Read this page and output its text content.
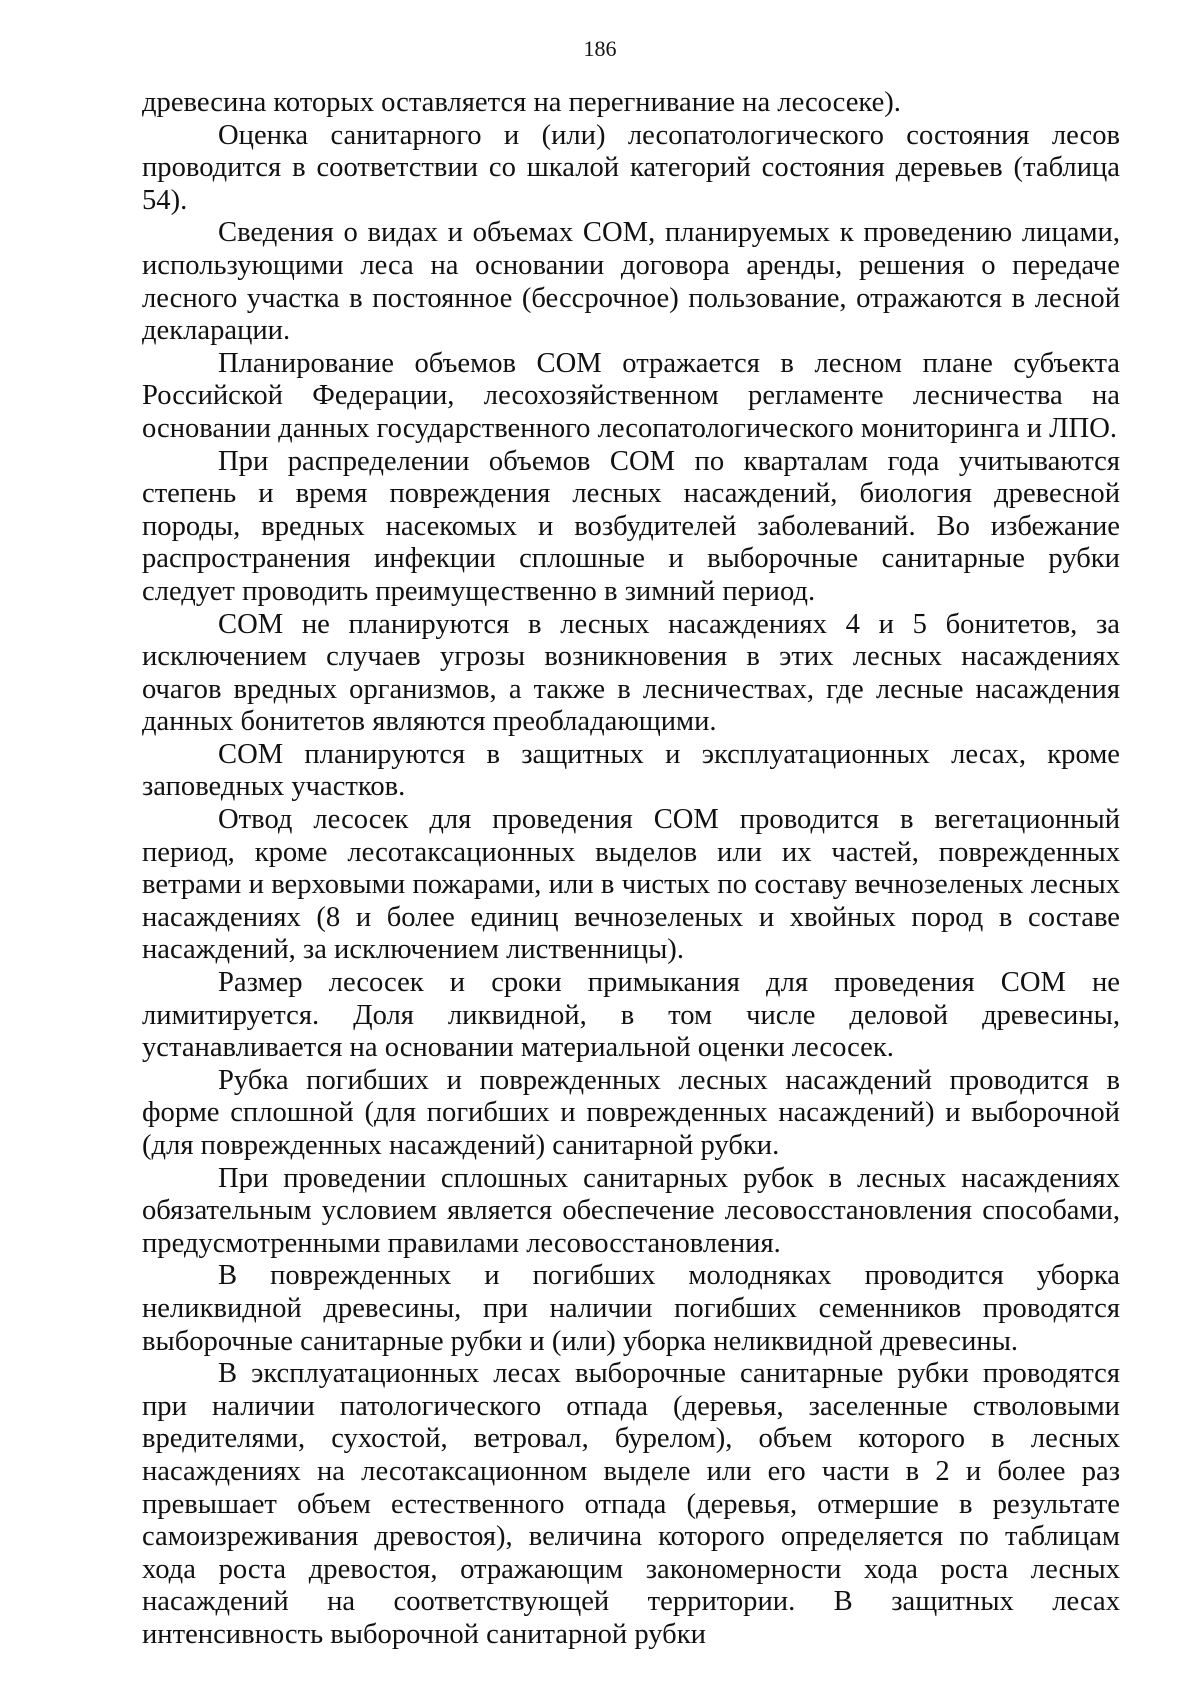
186

древесина которых оставляется на перегнивание на лесосеке).

Оценка санитарного и (или) лесопатологического состояния лесов проводится в соответствии со шкалой категорий состояния деревьев (таблица 54).

Сведения о видах и объемах СОМ, планируемых к проведению лицами, использующими леса на основании договора аренды, решения о передаче лесного участка в постоянное (бессрочное) пользование, отражаются в лесной декларации.

Планирование объемов СОМ отражается в лесном плане субъекта Российской Федерации, лесохозяйственном регламенте лесничества на основании данных государственного лесопатологического мониторинга и ЛПО.

При распределении объемов СОМ по кварталам года учитываются степень и время повреждения лесных насаждений, биология древесной породы, вредных насекомых и возбудителей заболеваний. Во избежание распространения инфекции сплошные и выборочные санитарные рубки следует проводить преимущественно в зимний период.

СОМ не планируются в лесных насаждениях 4 и 5 бонитетов, за исключением случаев угрозы возникновения в этих лесных насаждениях очагов вредных организмов, а также в лесничествах, где лесные насаждения данных бонитетов являются преобладающими.

СОМ планируются в защитных и эксплуатационных лесах, кроме заповедных участков.

Отвод лесосек для проведения СОМ проводится в вегетационный период, кроме лесотаксационных выделов или их частей, поврежденных ветрами и верховыми пожарами, или в чистых по составу вечнозеленых лесных насаждениях (8 и более единиц вечнозеленых и хвойных пород в составе насаждений, за исключением лиственницы).

Размер лесосек и сроки примыкания для проведения СОМ не лимитируется. Доля ликвидной, в том числе деловой древесины, устанавливается на основании материальной оценки лесосек.

Рубка погибших и поврежденных лесных насаждений проводится в форме сплошной (для погибших и поврежденных насаждений) и выборочной (для поврежденных насаждений) санитарной рубки.

При проведении сплошных санитарных рубок в лесных насаждениях обязательным условием является обеспечение лесовосстановления способами, предусмотренными правилами лесовосстановления.

В поврежденных и погибших молодняках проводится уборка неликвидной древесины, при наличии погибших семенников проводятся выборочные санитарные рубки и (или) уборка неликвидной древесины.

В эксплуатационных лесах выборочные санитарные рубки проводятся при наличии патологического отпада (деревья, заселенные стволовыми вредителями, сухостой, ветровал, бурелом), объем которого в лесных насаждениях на лесотаксационном выделе или его части в 2 и более раз превышает объем естественного отпада (деревья, отмершие в результате самоизреживания древостоя), величина которого определяется по таблицам хода роста древостоя, отражающим закономерности хода роста лесных насаждений на соответствующей территории. В защитных лесах интенсивность выборочной санитарной рубки
